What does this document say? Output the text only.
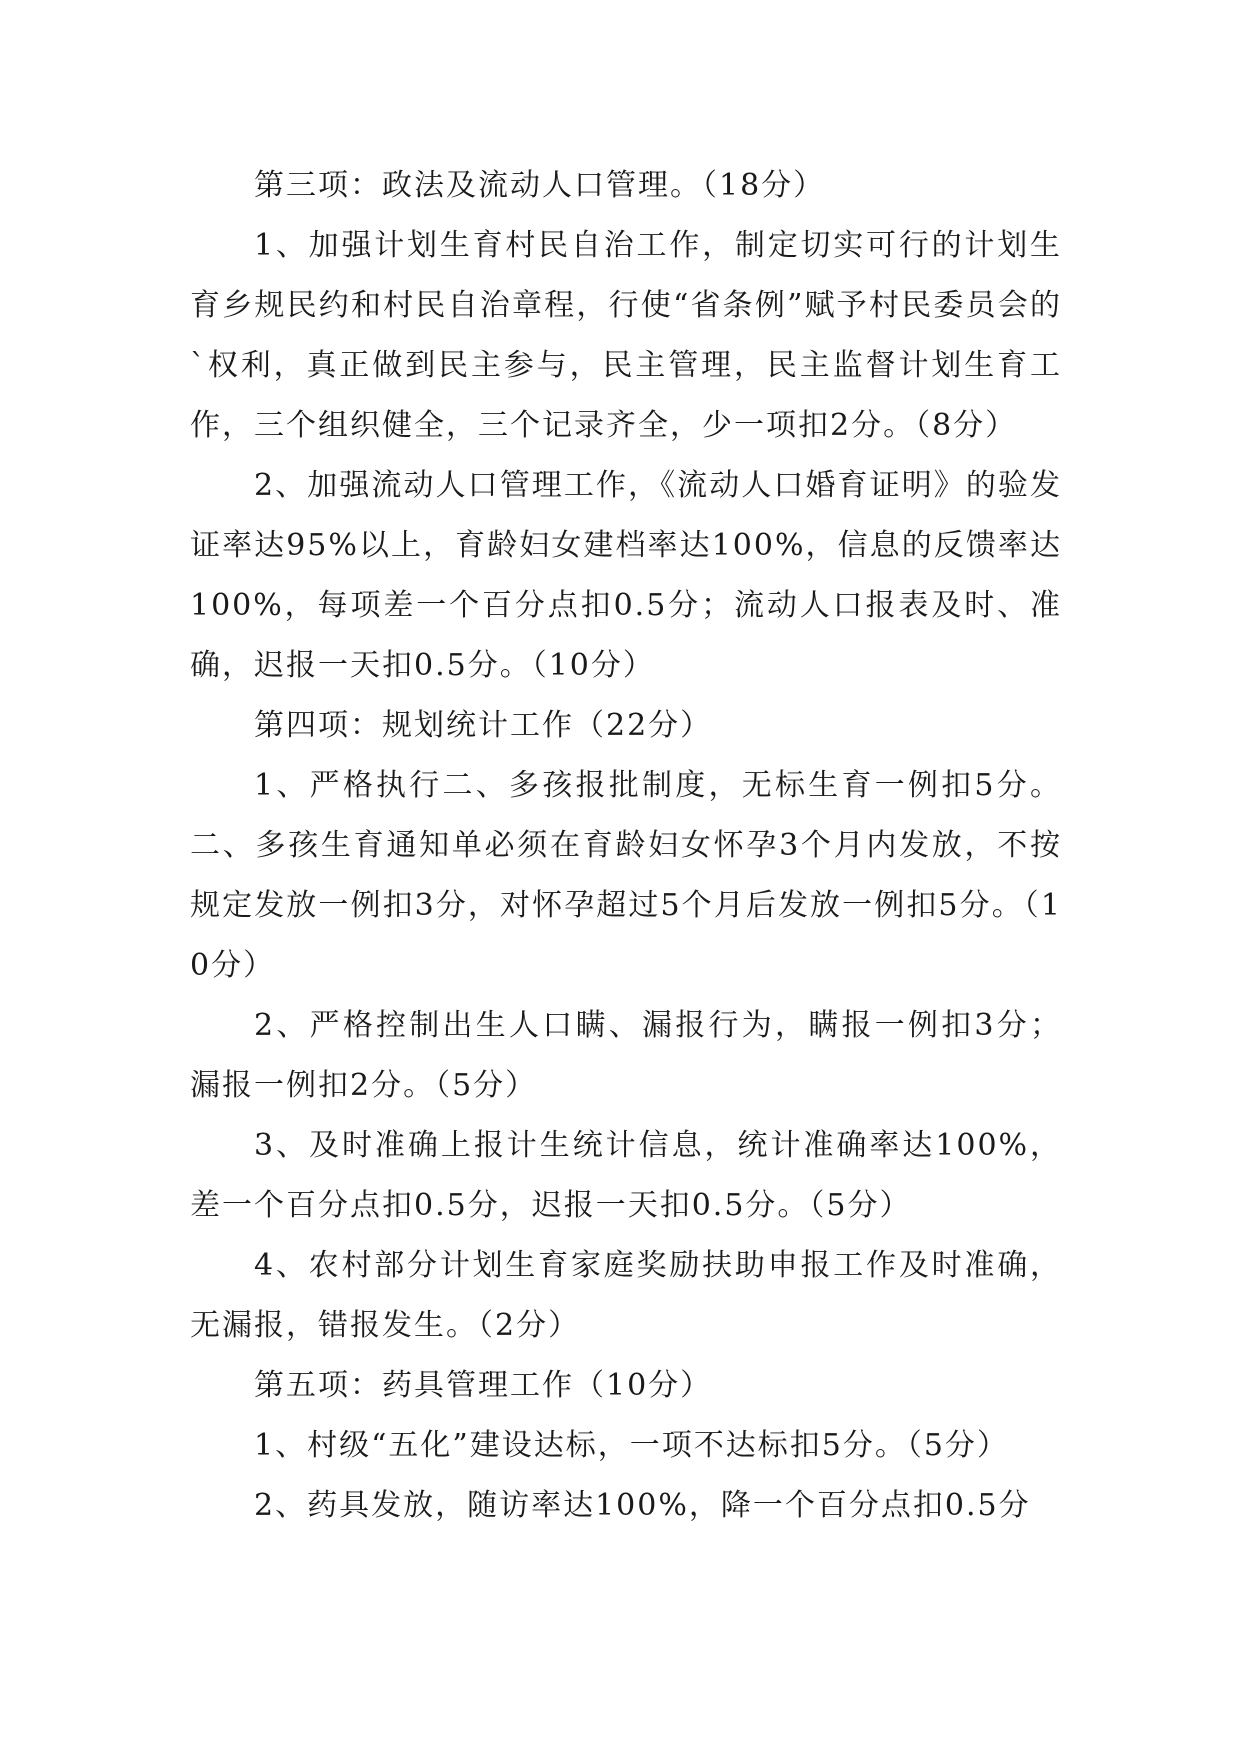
第三项：政法及流动人口管理。（18分）

1、加强计划生育村民自治工作，制定切实可行的计划生育乡规民约和村民自治章程，行使“省条例”赋予村民委员会的`权利，真正做到民主参与，民主管理，民主监督计划生育工作，三个组织健全，三个记录齐全，少一项扣2分。（8分）

2、加强流动人口管理工作，《流动人口婚育证明》的验发证率达95%以上，育龄妇女建档率达100%，信息的反馈率达100%，每项差一个百分点扣0.5分；流动人口报表及时、准确，迟报一天扣0.5分。（10分）

第四项：规划统计工作（22分）

1、严格执行二、多孩报批制度，无标生育一例扣5分。二、多孩生育通知单必须在育龄妇女怀孕3个月内发放，不按规定发放一例扣3分，对怀孕超过5个月后发放一例扣5分。（10分）

2、严格控制出生人口瞒、漏报行为，瞒报一例扣3分；漏报一例扣2分。（5分）

3、及时准确上报计生统计信息，统计准确率达100%，差一个百分点扣0.5分，迟报一天扣0.5分。（5分）

4、农村部分计划生育家庭奖励扶助申报工作及时准确，无漏报，错报发生。（2分）

第五项：药具管理工作（10分）

1、村级“五化”建设达标，一项不达标扣5分。（5分）

2、药具发放，随访率达100%，降一个百分点扣0.5分
